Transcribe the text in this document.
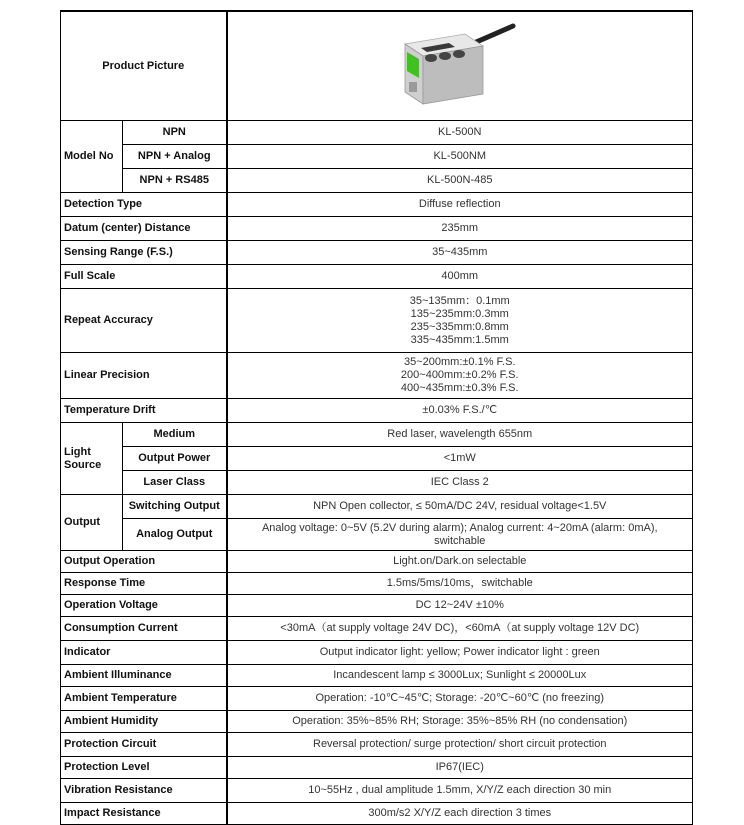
Product Picture	

Model No	NPN	KL-500N
	NPN + Analog	KL-500NM
	NPN + RS485	KL-500N-485
Detection Type		Diffuse reflection
Datum (center) Distance		235mm
Sensing Range (F.S.)		35~435mm
Full Scale		400mm
Repeat Accuracy		35~135mm：0.1mm
135~235mm:0.3mm
235~335mm:0.8mm
335~435mm:1.5mm

Linear Precision		35~200mm:±0.1% F.S.
200~400mm:±0.2% F.S.
400~435mm:±0.3% F.S.

Temperature Drift		±0.03% F.S./℃

Light
Source	Medium	Red laser, wavelength 655nm
	Output Power	<1mW
	Laser Class	IEC Class 2
Output	Switching Output	NPN Open collector, ≤ 50mA/DC 24V, residual voltage<1.5V
	Analog Output	Analog voltage: 0~5V (5.2V during alarm); Analog current: 4~20mA (alarm: 0mA),
switchable

Output Operation		Light.on/Dark.on selectable
Response Time		1.5ms/5ms/10ms，switchable
Operation Voltage		DC 12~24V ±10%
Consumption Current		<30mA（at supply voltage 24V DC)，<60mA（at supply voltage 12V DC)
Indicator		Output indicator light: yellow; Power indicator light : green
Ambient Illuminance		Incandescent lamp ≤ 3000Lux; Sunlight ≤ 20000Lux
Ambient Temperature		Operation: -10℃~45℃; Storage: -20℃~60℃ (no freezing)
Ambient Humidity		Operation: 35%~85% RH; Storage: 35%~85% RH (no condensation)
Protection Circuit		Reversal protection/ surge protection/ short circuit protection
Protection Level		IP67(IEC)
Vibration Resistance		10~55Hz , dual amplitude 1.5mm, X/Y/Z each direction 30 min
Impact Resistance		300m/s2 X/Y/Z each direction 3 times
